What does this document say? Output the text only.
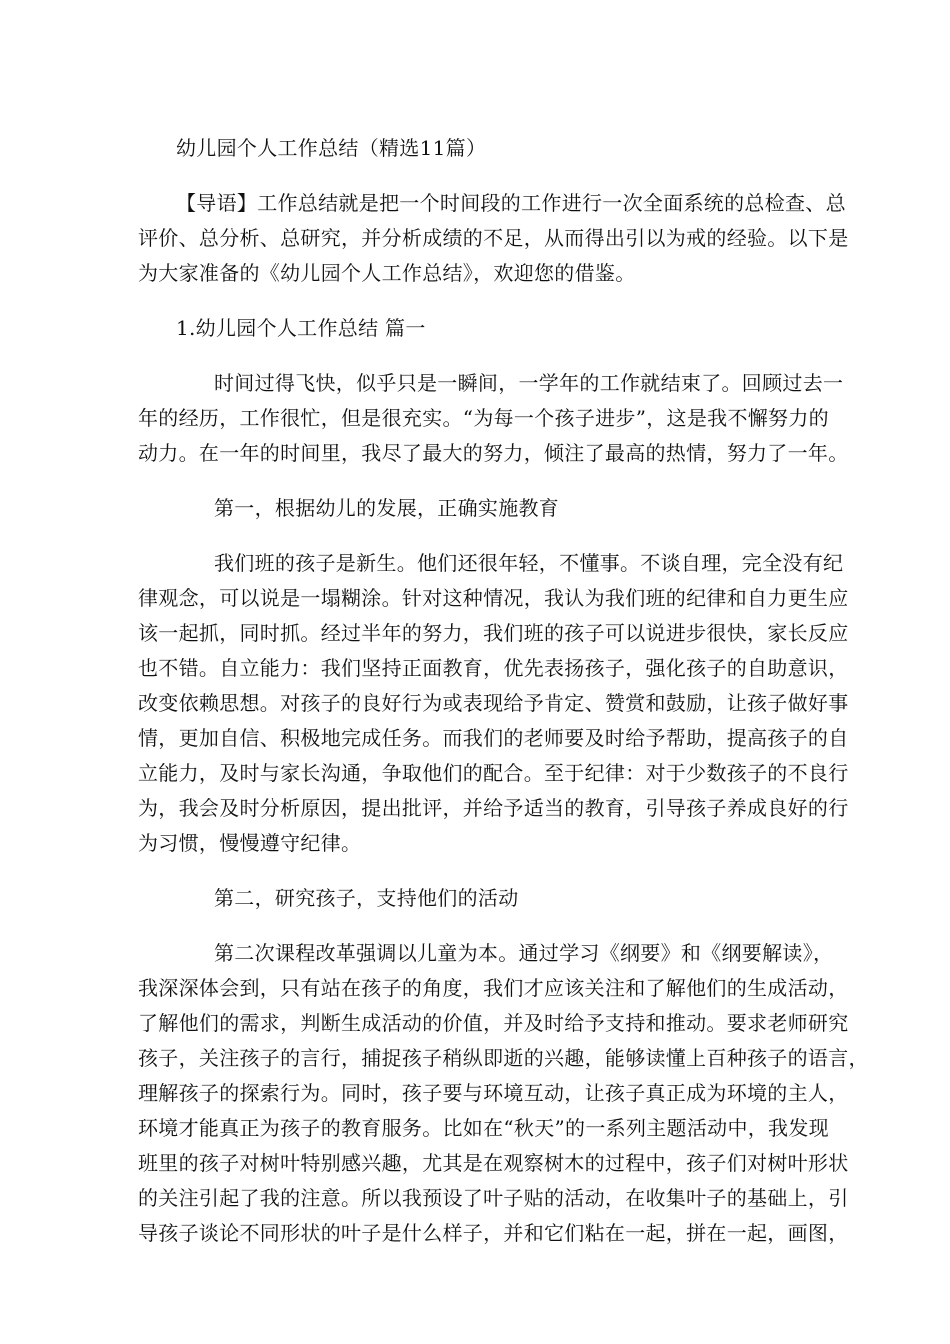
幼儿园个人工作总结（精选11篇）
【导语】工作总结就是把一个时间段的工作进行一次全面系统的总检查、总
评价、总分析、总研究，并分析成绩的不足，从而得出引以为戒的经验。以下是
为大家准备的《幼儿园个人工作总结》，欢迎您的借鉴。
1.幼儿园个人工作总结 篇一
时间过得飞快，似乎只是一瞬间，一学年的工作就结束了。回顾过去一
年的经历，工作很忙，但是很充实。“为每一个孩子进步”，这是我不懈努力的
动力。在一年的时间里，我尽了最大的努力，倾注了最高的热情，努力了一年。
第一，根据幼儿的发展，正确实施教育
我们班的孩子是新生。他们还很年轻，不懂事。不谈自理，完全没有纪
律观念，可以说是一塌糊涂。针对这种情况，我认为我们班的纪律和自力更生应
该一起抓，同时抓。经过半年的努力，我们班的孩子可以说进步很快，家长反应
也不错。自立能力：我们坚持正面教育，优先表扬孩子，强化孩子的自助意识，
改变依赖思想。对孩子的良好行为或表现给予肯定、赞赏和鼓励，让孩子做好事
情，更加自信、积极地完成任务。而我们的老师要及时给予帮助，提高孩子的自
立能力，及时与家长沟通，争取他们的配合。至于纪律：对于少数孩子的不良行
为，我会及时分析原因，提出批评，并给予适当的教育，引导孩子养成良好的行
为习惯，慢慢遵守纪律。
第二，研究孩子，支持他们的活动
第二次课程改革强调以儿童为本。通过学习《纲要》和《纲要解读》，
我深深体会到，只有站在孩子的角度，我们才应该关注和了解他们的生成活动，
了解他们的需求，判断生成活动的价值，并及时给予支持和推动。要求老师研究
孩子，关注孩子的言行，捕捉孩子稍纵即逝的兴趣，能够读懂上百种孩子的语言，
理解孩子的探索行为。同时，孩子要与环境互动，让孩子真正成为环境的主人，
环境才能真正为孩子的教育服务。比如在“秋天”的一系列主题活动中，我发现
班里的孩子对树叶特别感兴趣，尤其是在观察树木的过程中，孩子们对树叶形状
的关注引起了我的注意。所以我预设了叶子贴的活动，在收集叶子的基础上，引
导孩子谈论不同形状的叶子是什么样子，并和它们粘在一起，拼在一起，画图，
